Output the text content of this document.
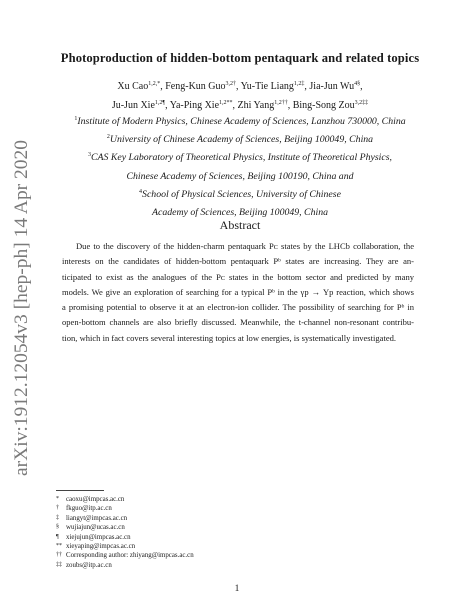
arXiv:1912.12054v3 [hep-ph] 14 Apr 2020
Photoproduction of hidden-bottom pentaquark and related topics
Xu Cao$^{1,2,*}$, Feng-Kun Guo$^{3,2\dagger}$, Yu-Tie Liang$^{1,2\ddagger}$, Jia-Jun $Wu^{4\S}$,
Ju-Jun Xie$^{1,2\P}$, Ya-Ping Xie$^{1,2**}$, Zhi Yang$^{1,2\dagger\dagger}$, Bing-Song Zou$^{3,2\ddagger\ddagger}$
$^1$Institute of Modern Physics, Chinese Academy of Sciences, Lanzhou 730000, China
$^2$University of Chinese Academy of Sciences, Beijing 100049, China
$^3$CAS Key Laboratory of Theoretical Physics, Institute of Theoretical Physics,
Chinese Academy of Sciences, Beijing 100190, China and
$^4$School of Physical Sciences, University of Chinese
Academy of Sciences, Beijing 100049, China
Abstract
Due to the discovery of the hidden-charm pentaquark Pᴄ states by the LHCb collaboration, the
interests on the candidates of hidden-bottom pentaquark Pᵇ states are increasing. They are an-
ticipated to exist as the analogues of the Pᴄ states in the bottom sector and predicted by many
models. We give an exploration of searching for a typical Pᵇ in the γp → Υp reaction, which shows
a promising potential to observe it at an electron-ion collider. The possibility of searching for Pᵇ in
open-bottom channels are also briefly discussed. Meanwhile, the t-channel non-resonant contribu-
tion, which in fact covers several interesting topics at low energies, is systematically investigated.
* caoxu@impcas.ac.cn
† fkguo@itp.ac.cn
‡ liangyt@impcas.ac.cn
§ wujiajun@ucas.ac.cn
¶ xiejujun@impcas.ac.cn
** xieyaping@impcas.ac.cn
†† Corresponding author: zhiyang@impcas.ac.cn
‡‡ zoubs@itp.ac.cn
1
